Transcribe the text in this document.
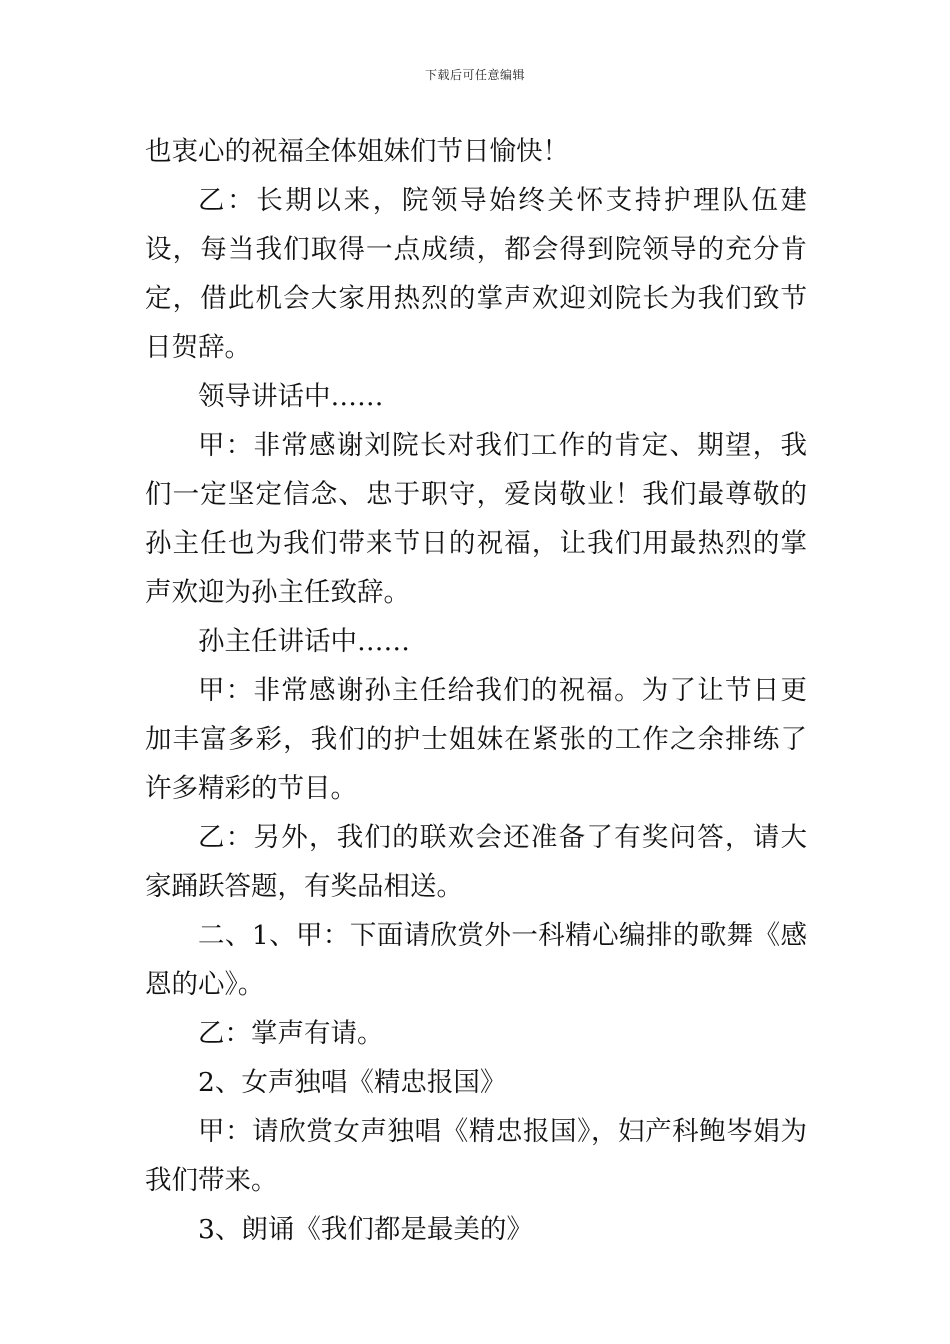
下载后可任意编辑

也衷心的祝福全体姐妹们节日愉快！

乙：长期以来，院领导始终关怀支持护理队伍建设，每当我们取得一点成绩，都会得到院领导的充分肯定，借此机会大家用热烈的掌声欢迎刘院长为我们致节日贺辞。

领导讲话中……

甲：非常感谢刘院长对我们工作的肯定、期望，我们一定坚定信念、忠于职守，爱岗敬业！我们最尊敬的孙主任也为我们带来节日的祝福，让我们用最热烈的掌声欢迎为孙主任致辞。

孙主任讲话中……

甲：非常感谢孙主任给我们的祝福。为了让节日更加丰富多彩，我们的护士姐妹在紧张的工作之余排练了许多精彩的节目。

乙：另外，我们的联欢会还准备了有奖问答，请大家踊跃答题，有奖品相送。

二、1、甲：下面请欣赏外一科精心编排的歌舞《感恩的心》。

乙：掌声有请。

2、女声独唱《精忠报国》

甲：请欣赏女声独唱《精忠报国》，妇产科鲍岑娟为我们带来。

3、朗诵《我们都是最美的》
